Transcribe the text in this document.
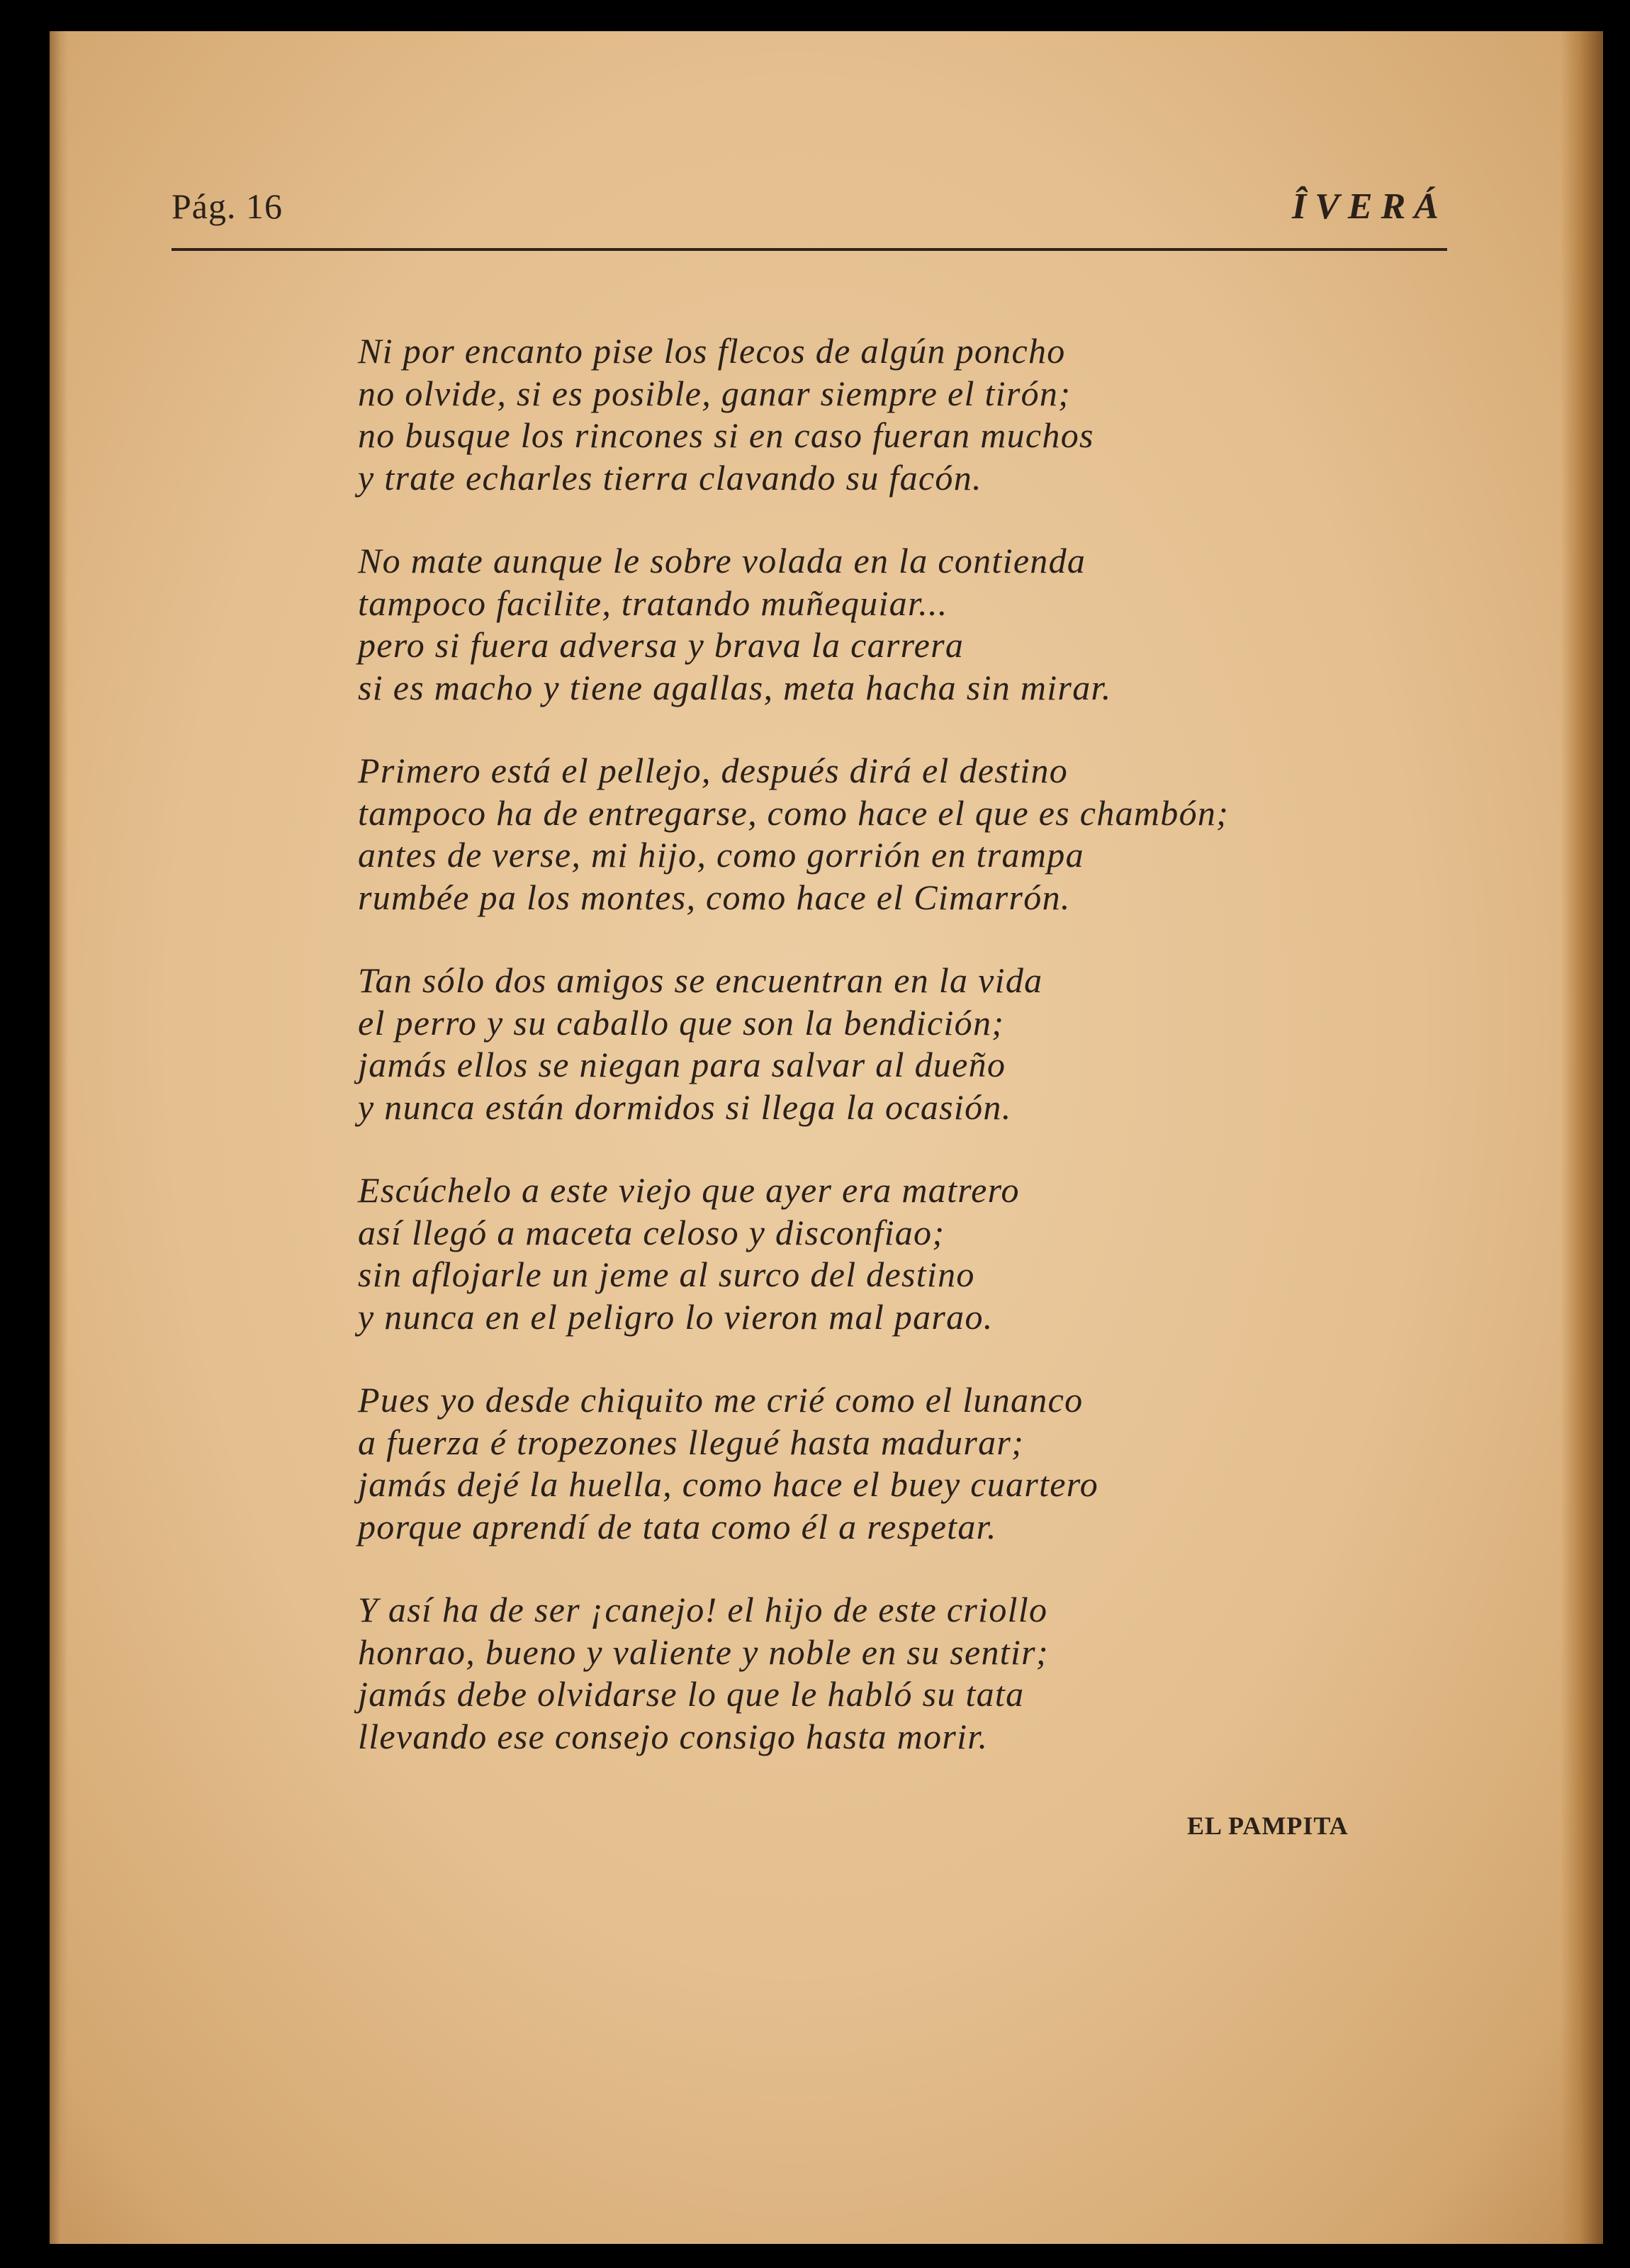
Pág. 16	ÎVERÁ
Ni por encanto pise los flecos de algún poncho
no olvide, si es posible, ganar siempre el tirón;
no busque los rincones si en caso fueran muchos
y trate echarles tierra clavando su facón.
No mate aunque le sobre volada en la contienda
tampoco facilite, tratando muñequiar...
pero si fuera adversa y brava la carrera
si es macho y tiene agallas, meta hacha sin mirar.
Primero está el pellejo, después dirá el destino
tampoco ha de entregarse, como hace el que es chambón;
antes de verse, mi hijo, como gorrión en trampa
rumbée pa los montes, como hace el Cimarrón.
Tan sólo dos amigos se encuentran en la vida
el perro y su caballo que son la bendición;
jamás ellos se niegan para salvar al dueño
y nunca están dormidos si llega la ocasión.
Escúchelo a este viejo que ayer era matrero
así llegó a maceta celoso y disconfiao;
sin aflojarle un jeme al surco del destino
y nunca en el peligro lo vieron mal parao.
Pues yo desde chiquito me crié como el lunanco
a fuerza é tropezones llegué hasta madurar;
jamás dejé la huella, como hace el buey cuartero
porque aprendí de tata como él a respetar.
Y así ha de ser ¡canejo! el hijo de este criollo
honrao, bueno y valiente y noble en su sentir;
jamás debe olvidarse lo que le habló su tata
llevando ese consejo consigo hasta morir.
EL PAMPITA
